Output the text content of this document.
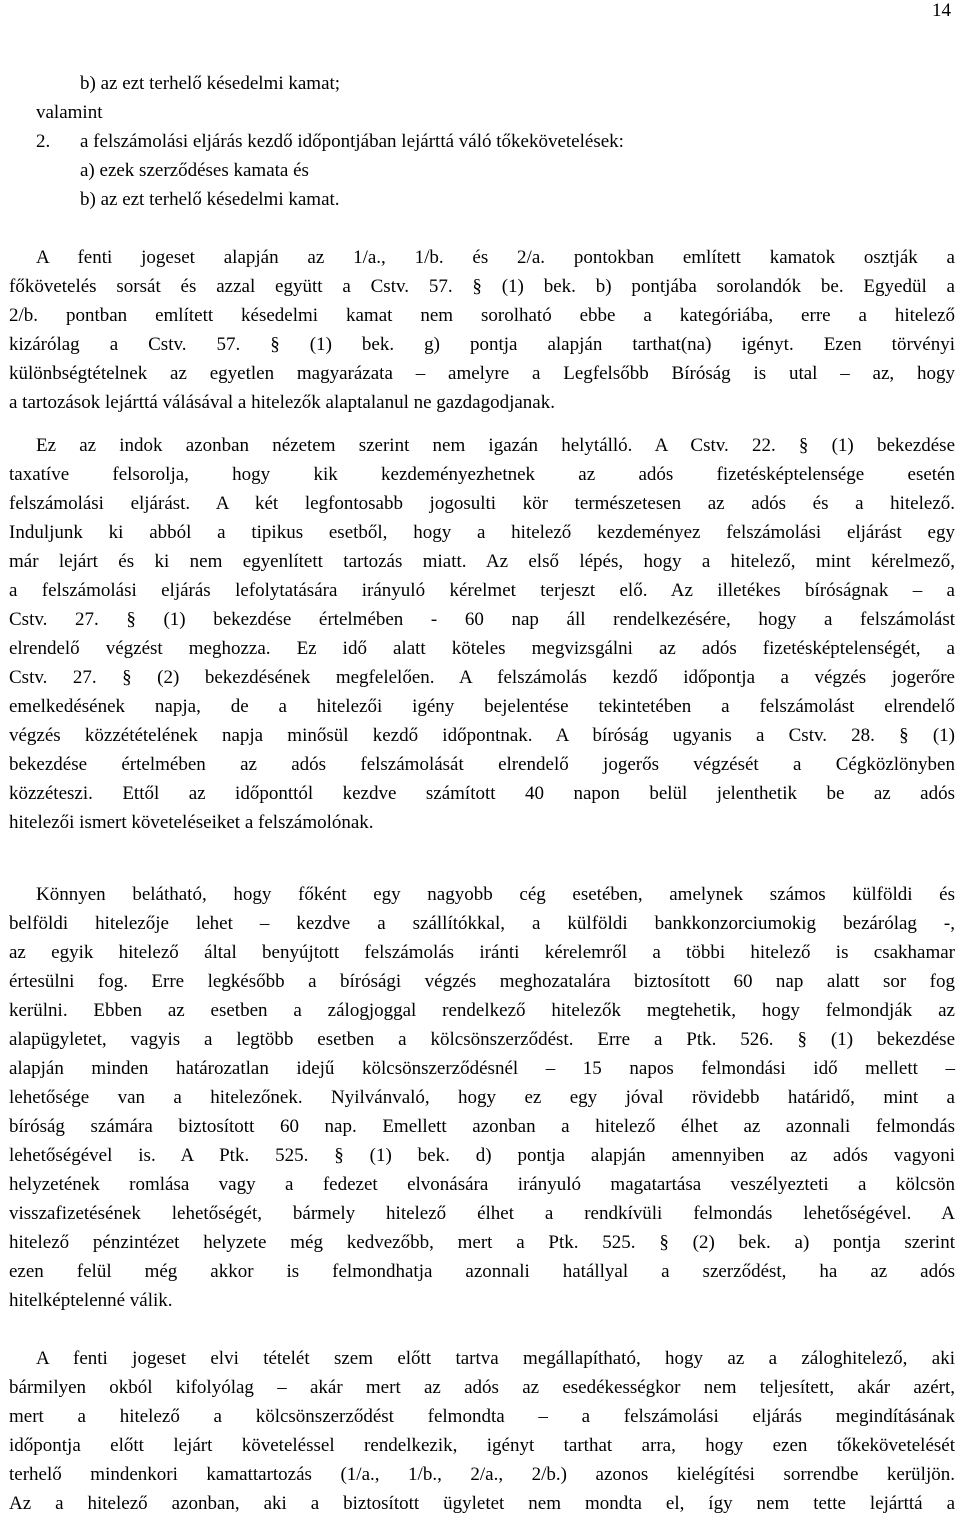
14
b) az ezt terhelő késedelmi kamat;
valamint
2. a felszámolási eljárás kezdő időpontjában lejárttá váló tőkekövetelések:
a) ezek szerződéses kamata és
b) az ezt terhelő késedelmi kamat.
A fenti jogeset alapján az 1/a., 1/b. és 2/a. pontokban említett kamatok osztják a
főkövetelés sorsát és azzal együtt a Cstv. 57. § (1) bek. b) pontjába sorolandók be. Egyedül a
2/b. pontban említett késedelmi kamat nem sorolható ebbe a kategóriába, erre a hitelező
kizárólag a Cstv. 57. § (1) bek. g) pontja alapján tarthat(na) igényt. Ezen törvényi
különbségtételnek az egyetlen magyarázata – amelyre a Legfelsőbb Bíróság is utal – az, hogy
a tartozások lejárttá válásával a hitelezők alaptalanul ne gazdagodjanak.
Ez az indok azonban nézetem szerint nem igazán helytálló. A Cstv. 22. § (1) bekezdése
taxatíve felsorolja, hogy kik kezdeményezhetnek az adós fizetésképtelensége esetén
felszámolási eljárást. A két legfontosabb jogosulti kör természetesen az adós és a hitelező.
Induljunk ki abból a tipikus esetből, hogy a hitelező kezdeményez felszámolási eljárást egy
már lejárt és ki nem egyenlített tartozás miatt. Az első lépés, hogy a hitelező, mint kérelmező,
a felszámolási eljárás lefolytatására irányuló kérelmet terjeszt elő. Az illetékes bíróságnak – a
Cstv. 27. § (1) bekezdése értelmében - 60 nap áll rendelkezésére, hogy a felszámolást
elrendelő végzést meghozza. Ez idő alatt köteles megvizsgálni az adós fizetésképtelenségét, a
Cstv. 27. § (2) bekezdésének megfelelően. A felszámolás kezdő időpontja a végzés jogerőre
emelkedésének napja, de a hitelezői igény bejelentése tekintetében a felszámolást elrendelő
végzés közzétételének napja minősül kezdő időpontnak. A bíróság ugyanis a Cstv. 28. § (1)
bekezdése értelmében az adós felszámolását elrendelő jogerős végzését a Cégközlönyben
közzéteszi. Ettől az időponttól kezdve számított 40 napon belül jelenthetik be az adós
hitelezői ismert követeléseiket a felszámolónak.
Könnyen belátható, hogy főként egy nagyobb cég esetében, amelynek számos külföldi és
belföldi hitelezője lehet – kezdve a szállítókkal, a külföldi bankkonzorciumokig bezárólag -,
az egyik hitelező által benyújtott felszámolás iránti kérelemről a többi hitelező is csakhamar
értesülni fog. Erre legkésőbb a bírósági végzés meghozatalára biztosított 60 nap alatt sor fog
kerülni. Ebben az esetben a zálogjoggal rendelkező hitelezők megtehetik, hogy felmondják az
alapügyletet, vagyis a legtöbb esetben a kölcsönszerződést. Erre a Ptk. 526. § (1) bekezdése
alapján minden határozatlan idejű kölcsönszerződésnél – 15 napos felmondási idő mellett –
lehetősége van a hitelezőnek. Nyilvánvaló, hogy ez egy jóval rövidebb határidő, mint a
bíróság számára biztosított 60 nap. Emellett azonban a hitelező élhet az azonnali felmondás
lehetőségével is. A Ptk. 525. § (1) bek. d) pontja alapján amennyiben az adós vagyoni
helyzetének romlása vagy a fedezet elvonására irányuló magatartása veszélyezteti a kölcsön
visszafizetésének lehetőségét, bármely hitelező élhet a rendkívüli felmondás lehetőségével. A
hitelező pénzintézet helyzete még kedvezőbb, mert a Ptk. 525. § (2) bek. a) pontja szerint
ezen felül még akkor is felmondhatja azonnali hatállyal a szerződést, ha az adós
hitelképtelenné válik.
A fenti jogeset elvi tételét szem előtt tartva megállapítható, hogy az a záloghitelező, aki
bármilyen okból kifolyólag – akár mert az adós az esedékességkor nem teljesített, akár azért,
mert a hitelező a kölcsönszerződést felmondta – a felszámolási eljárás megindításának
időpontja előtt lejárt követeléssel rendelkezik, igényt tarthat arra, hogy ezen tőkekövetelését
terhelő mindenkori kamattartozás (1/a., 1/b., 2/a., 2/b.) azonos kielégítési sorrendbe kerüljön.
Az a hitelező azonban, aki a biztosított ügyletet nem mondta el, így nem tette lejárttá a
